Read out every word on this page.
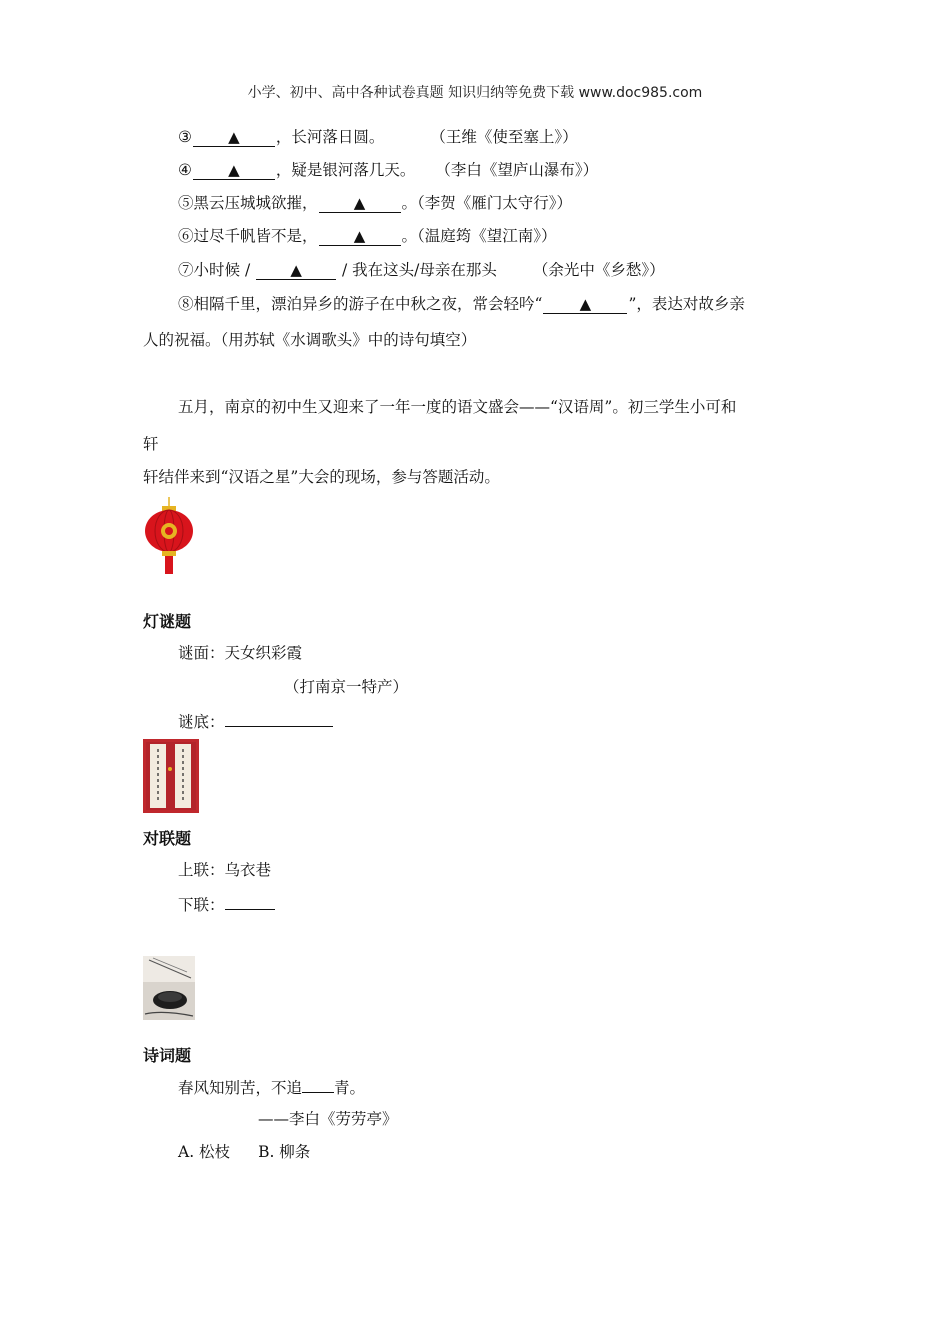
小学、初中、高中各种试卷真题 知识归纳等免费下载 www.doc985.com
③ ▲ ，长河落日圆。	（王维《使至塞上》）
④ ▲ ，疑是银河落几天。 （李白《望庐山瀑布》）
⑤黑云压城城欲摧， ▲ 。（李贺《雁门太守行》）
⑥过尽千帆皆不是， ▲ 。（温庭筠《望江南》）
⑦小时候 / ▲ / 我在这头/母亲在那头 （余光中《乡愁》）
⑧相隔千里，漂泊异乡的游子在中秋之夜，常会轻吟“ ▲ ”，表达对故乡亲
人的祝福。（用苏轼《水调歌头》中的诗句填空）
五月，南京的初中生又迎来了一年一度的语文盛会——“汉语周”。初三学生小可和
轩
轩结伴来到“汉语之星”大会的现场，参与答题活动。
灯谜题
谜面：天女织彩霞
（打南京一特产）
谜底：
对联题
上联：乌衣巷
下联：
诗词题
春风知别苦，不追 青。
——李白《劳劳亭》
A. 松枝 B. 柳条
